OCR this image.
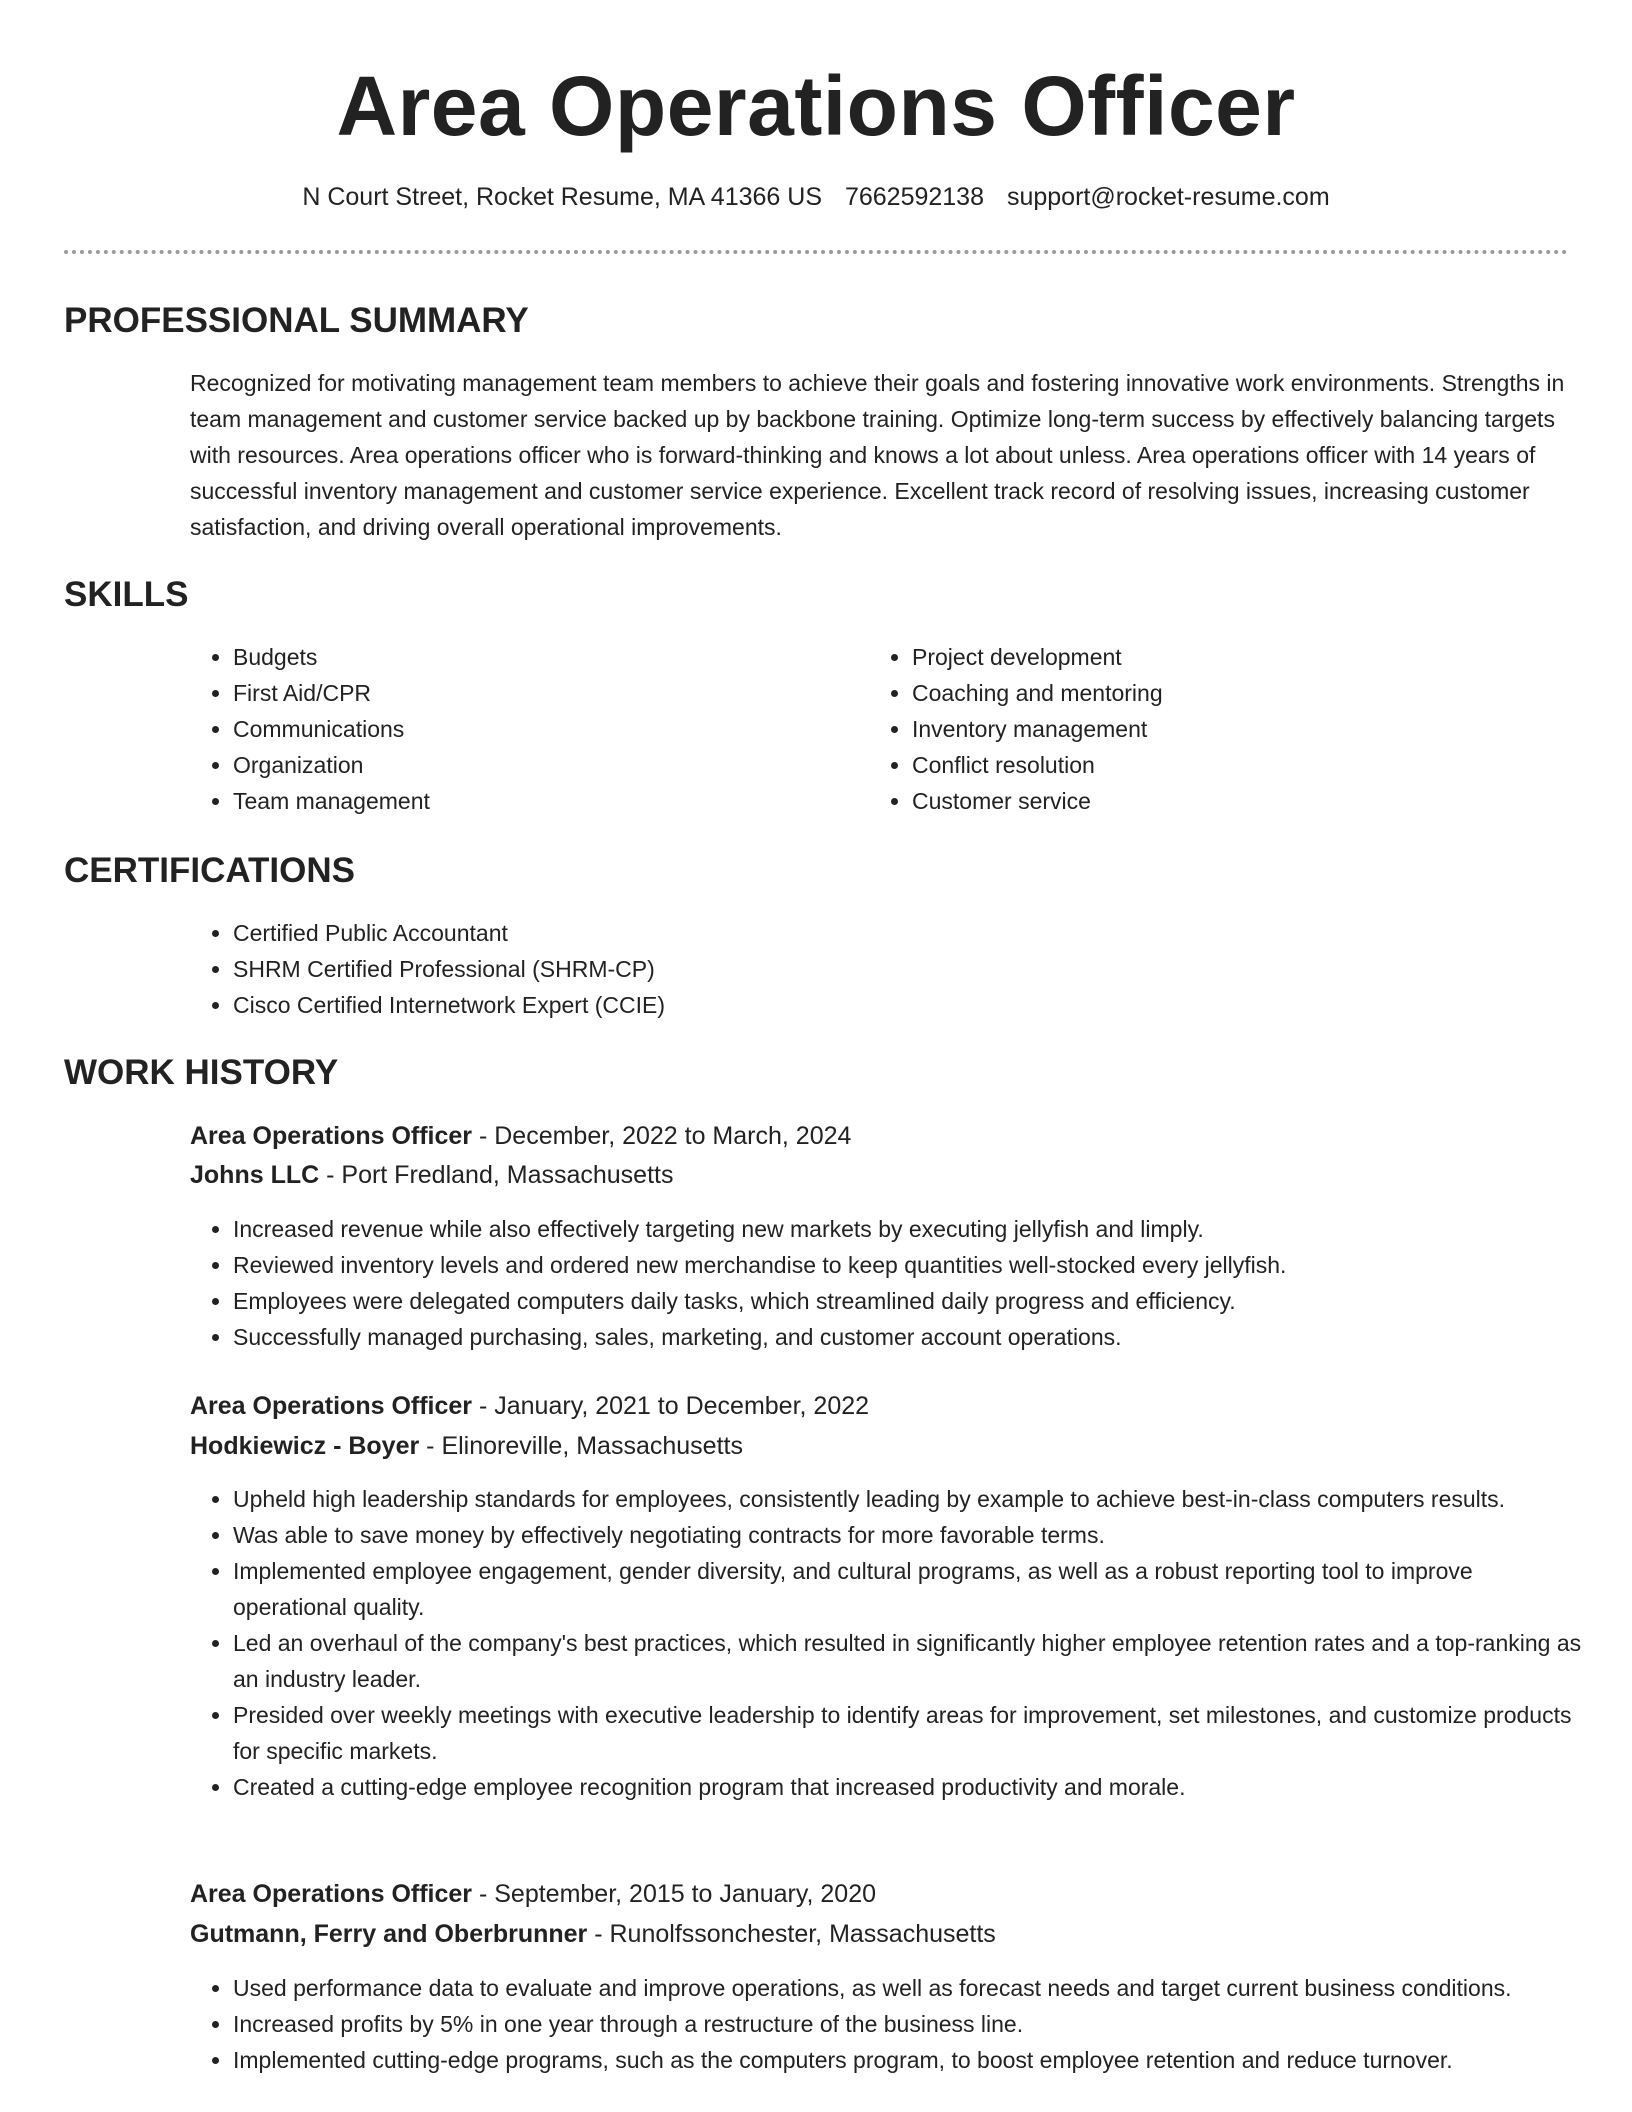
Area Operations Officer
N Court Street, Rocket Resume, MA 41366 US 7662592138 support@rocket-resume.com
PROFESSIONAL SUMMARY

Recognized for motivating management team members to achieve their goals and fostering innovative work environments. Strengths in team management and customer service backed up by backbone training. Optimize long-term success by effectively balancing targets with resources. Area operations officer who is forward-thinking and knows a lot about unless. Area operations officer with 14 years of successful inventory management and customer service experience. Excellent track record of resolving issues, increasing customer satisfaction, and driving overall operational improvements.

SKILLS
• Budgets
• First Aid/CPR
• Communications
• Organization
• Team management
• Project development
• Coaching and mentoring
• Inventory management
• Conflict resolution
• Customer service
CERTIFICATIONS
• Certified Public Accountant
• SHRM Certified Professional (SHRM-CP)
• Cisco Certified Internetwork Expert (CCIE)
WORK HISTORY
Area Operations Officer - December, 2022 to March, 2024
Johns LLC - Port Fredland, Massachusetts
• Increased revenue while also effectively targeting new markets by executing jellyfish and limply.
• Reviewed inventory levels and ordered new merchandise to keep quantities well-stocked every jellyfish.
• Employees were delegated computers daily tasks, which streamlined daily progress and efficiency.
• Successfully managed purchasing, sales, marketing, and customer account operations.
Area Operations Officer - January, 2021 to December, 2022
Hodkiewicz - Boyer - Elinoreville, Massachusetts
• Upheld high leadership standards for employees, consistently leading by example to achieve best-in-class computers results.
• Was able to save money by effectively negotiating contracts for more favorable terms.
• Implemented employee engagement, gender diversity, and cultural programs, as well as a robust reporting tool to improve operational quality.
• Led an overhaul of the company's best practices, which resulted in significantly higher employee retention rates and a top-ranking as an industry leader.
• Presided over weekly meetings with executive leadership to identify areas for improvement, set milestones, and customize products for specific markets.
• Created a cutting-edge employee recognition program that increased productivity and morale.
Area Operations Officer - September, 2015 to January, 2020
Gutmann, Ferry and Oberbrunner - Runolfssonchester, Massachusetts
• Used performance data to evaluate and improve operations, as well as forecast needs and target current business conditions.
• Increased profits by 5% in one year through a restructure of the business line.
• Implemented cutting-edge programs, such as the computers program, to boost employee retention and reduce turnover.
